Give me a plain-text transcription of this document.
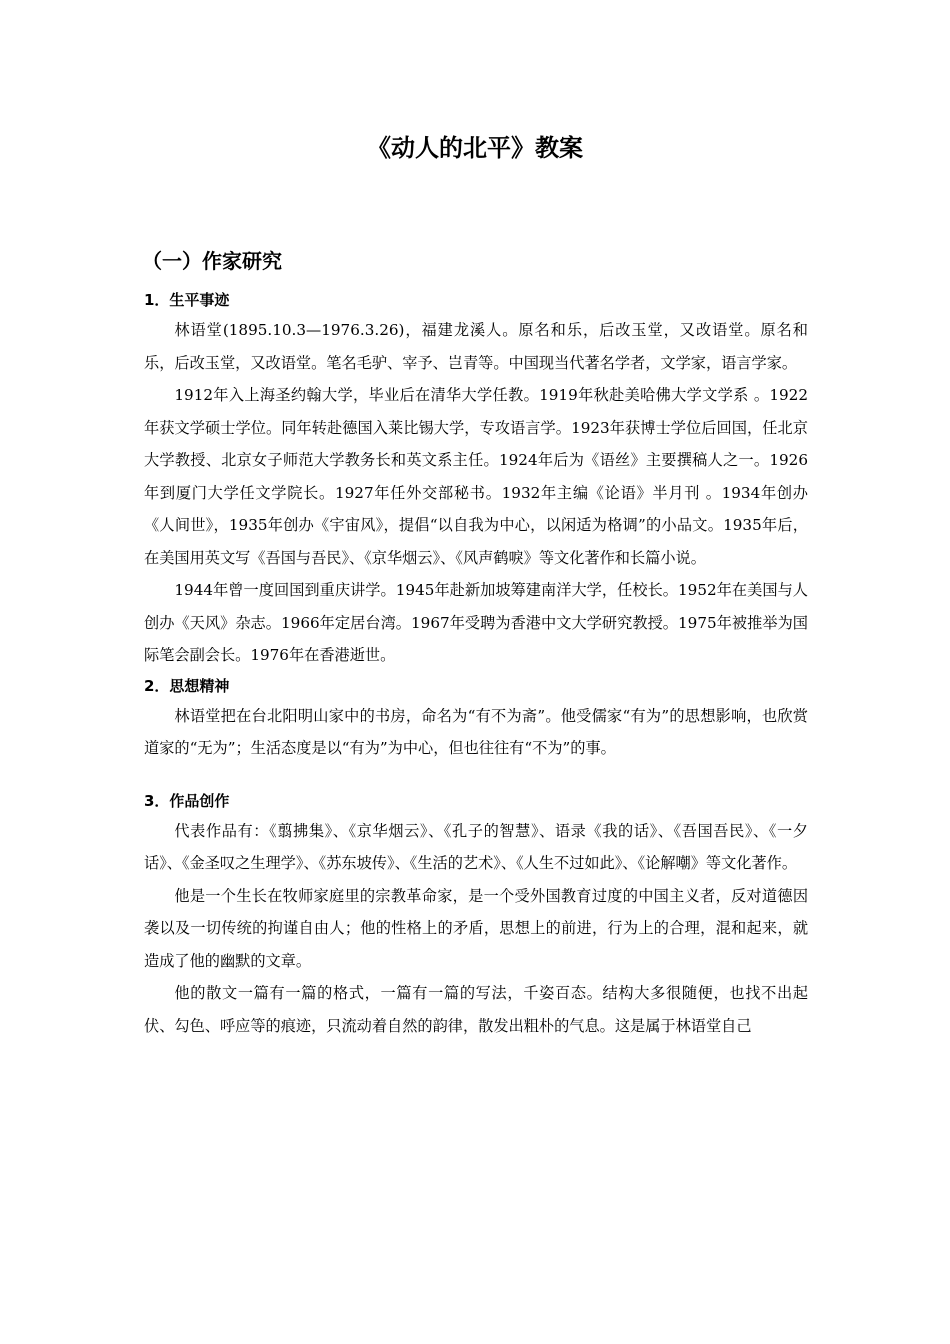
《动人的北平》教案
（一）作家研究
1．生平事迹

林语堂(1895.10.3—1976.3.26)，福建龙溪人。原名和乐，后改玉堂，又改语堂。原名和乐，后改玉堂，又改语堂。笔名毛驴、宰予、岂青等。中国现当代著名学者，文学家，语言学家。

1912年入上海圣约翰大学，毕业后在清华大学任教。1919年秋赴美哈佛大学文学系 。1922年获文学硕士学位。同年转赴德国入莱比锡大学，专攻语言学。1923年获博士学位后回国，任北京大学教授、北京女子师范大学教务长和英文系主任。1924年后为《语丝》主要撰稿人之一。1926年到厦门大学任文学院长。1927年任外交部秘书。1932年主编《论语》半月刊 。1934年创办《人间世》，1935年创办《宇宙风》，提倡“以自我为中心，以闲适为格调”的小品文。1935年后，在美国用英文写《吾国与吾民》、《京华烟云》、《风声鹤唳》等文化著作和长篇小说。

1944年曾一度回国到重庆讲学。1945年赴新加坡筹建南洋大学，任校长。1952年在美国与人创办《天风》杂志。1966年定居台湾。1967年受聘为香港中文大学研究教授。1975年被推举为国际笔会副会长。1976年在香港逝世。

2．思想精神

林语堂把在台北阳明山家中的书房，命名为“有不为斋”。他受儒家“有为”的思想影响，也欣赏道家的“无为”；生活态度是以“有为”为中心，但也往往有“不为”的事。

3．作品创作

代表作品有：《翦拂集》、《京华烟云》、《孔子的智慧》、语录《我的话》、《吾国吾民》、《一夕话》、《金圣叹之生理学》、《苏东坡传》、《生活的艺术》、《人生不过如此》、《论解嘲》等文化著作。

他是一个生长在牧师家庭里的宗教革命家，是一个受外国教育过度的中国主义者，反对道德因袭以及一切传统的拘谨自由人；他的性格上的矛盾，思想上的前进，行为上的合理，混和起来，就造成了他的幽默的文章。

他的散文一篇有一篇的格式，一篇有一篇的写法，千姿百态。结构大多很随便，也找不出起伏、勾色、呼应等的痕迹，只流动着自然的韵律，散发出粗朴的气息。这是属于林语堂自己
